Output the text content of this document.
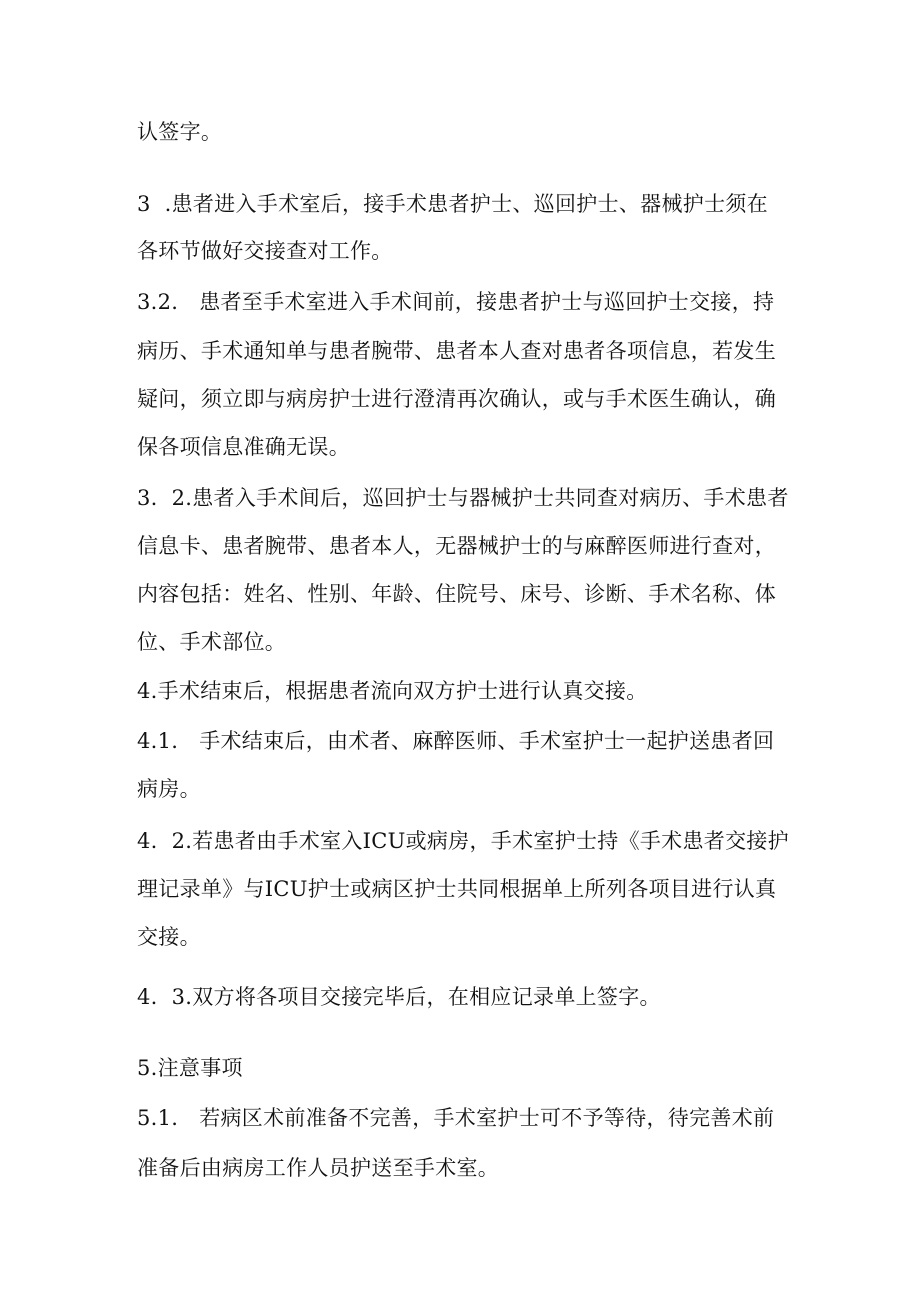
认签字。
3  .患者进入手术室后，接手术患者护士、巡回护士、器械护士须在
各环节做好交接查对工作。
3.2.   患者至手术室进入手术间前，接患者护士与巡回护士交接，持
病历、手术通知单与患者腕带、患者本人查对患者各项信息，若发生
疑问，须立即与病房护士进行澄清再次确认，或与手术医生确认，确
保各项信息准确无误。
3.  2.患者入手术间后，巡回护士与器械护士共同查对病历、手术患者
信息卡、患者腕带、患者本人，无器械护士的与麻醉医师进行查对，
内容包括：姓名、性别、年龄、住院号、床号、诊断、手术名称、体
位、手术部位。
4.手术结束后，根据患者流向双方护士进行认真交接。
4.1.   手术结束后，由术者、麻醉医师、手术室护士一起护送患者回
病房。
4.  2.若患者由手术室入ICU或病房，手术室护士持《手术患者交接护
理记录单》与ICU护士或病区护士共同根据单上所列各项目进行认真
交接。
4.  3.双方将各项目交接完毕后，在相应记录单上签字。
5.注意事项
5.1.   若病区术前准备不完善，手术室护士可不予等待，待完善术前
准备后由病房工作人员护送至手术室。
